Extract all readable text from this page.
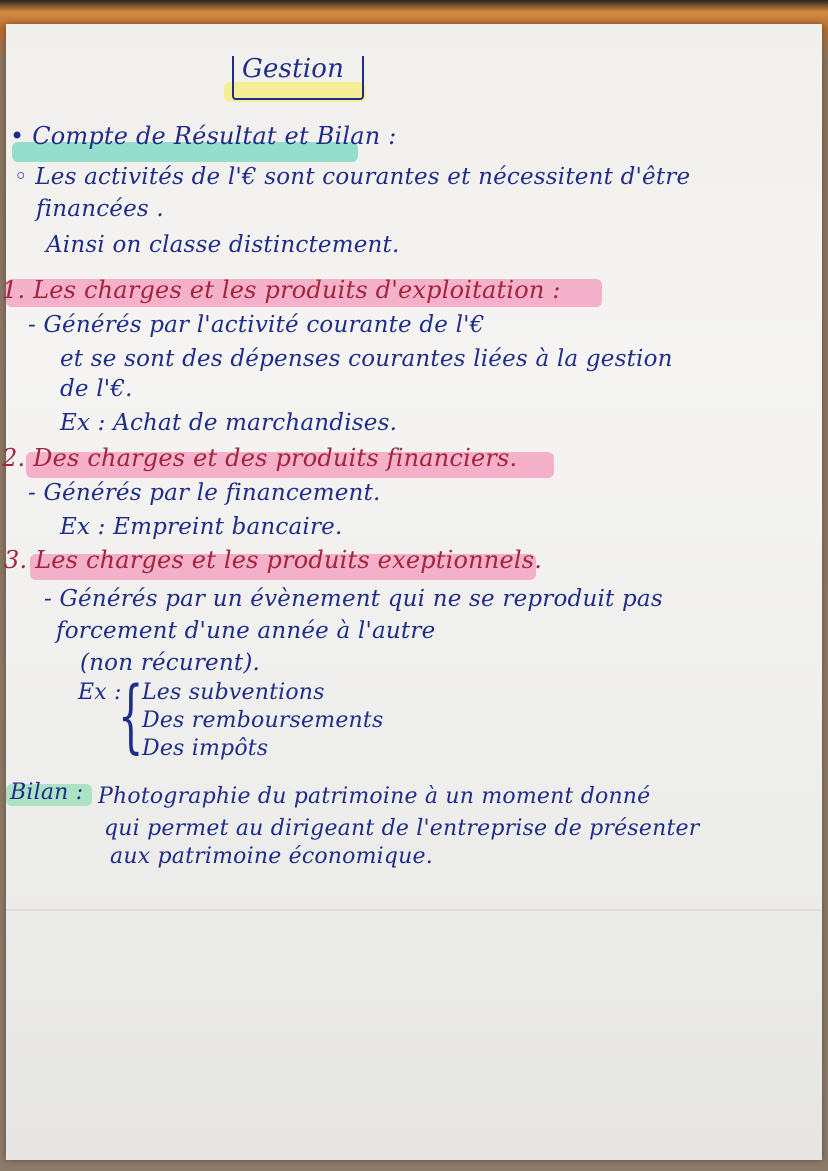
Gestion
• Compte de Résultat et Bilan :
◦ Les activités de l'€ sont courantes et nécessitent d'être
financées .
Ainsi on classe distinctement.
1. Les charges et les produits d'exploitation :
- Générés par l'activité courante de l'€
et se sont des dépenses courantes liées à la gestion
de l'€.
Ex : Achat de marchandises.
2. Des charges et des produits financiers.
- Générés par le financement.
Ex : Empreint bancaire.
3. Les charges et les produits exeptionnels.
- Générés par un évènement qui ne se reproduit pas
forcement d'une année à l'autre
(non récurent).
Ex :
{
Les subventions
Des remboursements
Des impôts
Bilan : Photographie du patrimoine à un moment donné
qui permet au dirigeant de l'entreprise de présenter
aux patrimoine économique.
